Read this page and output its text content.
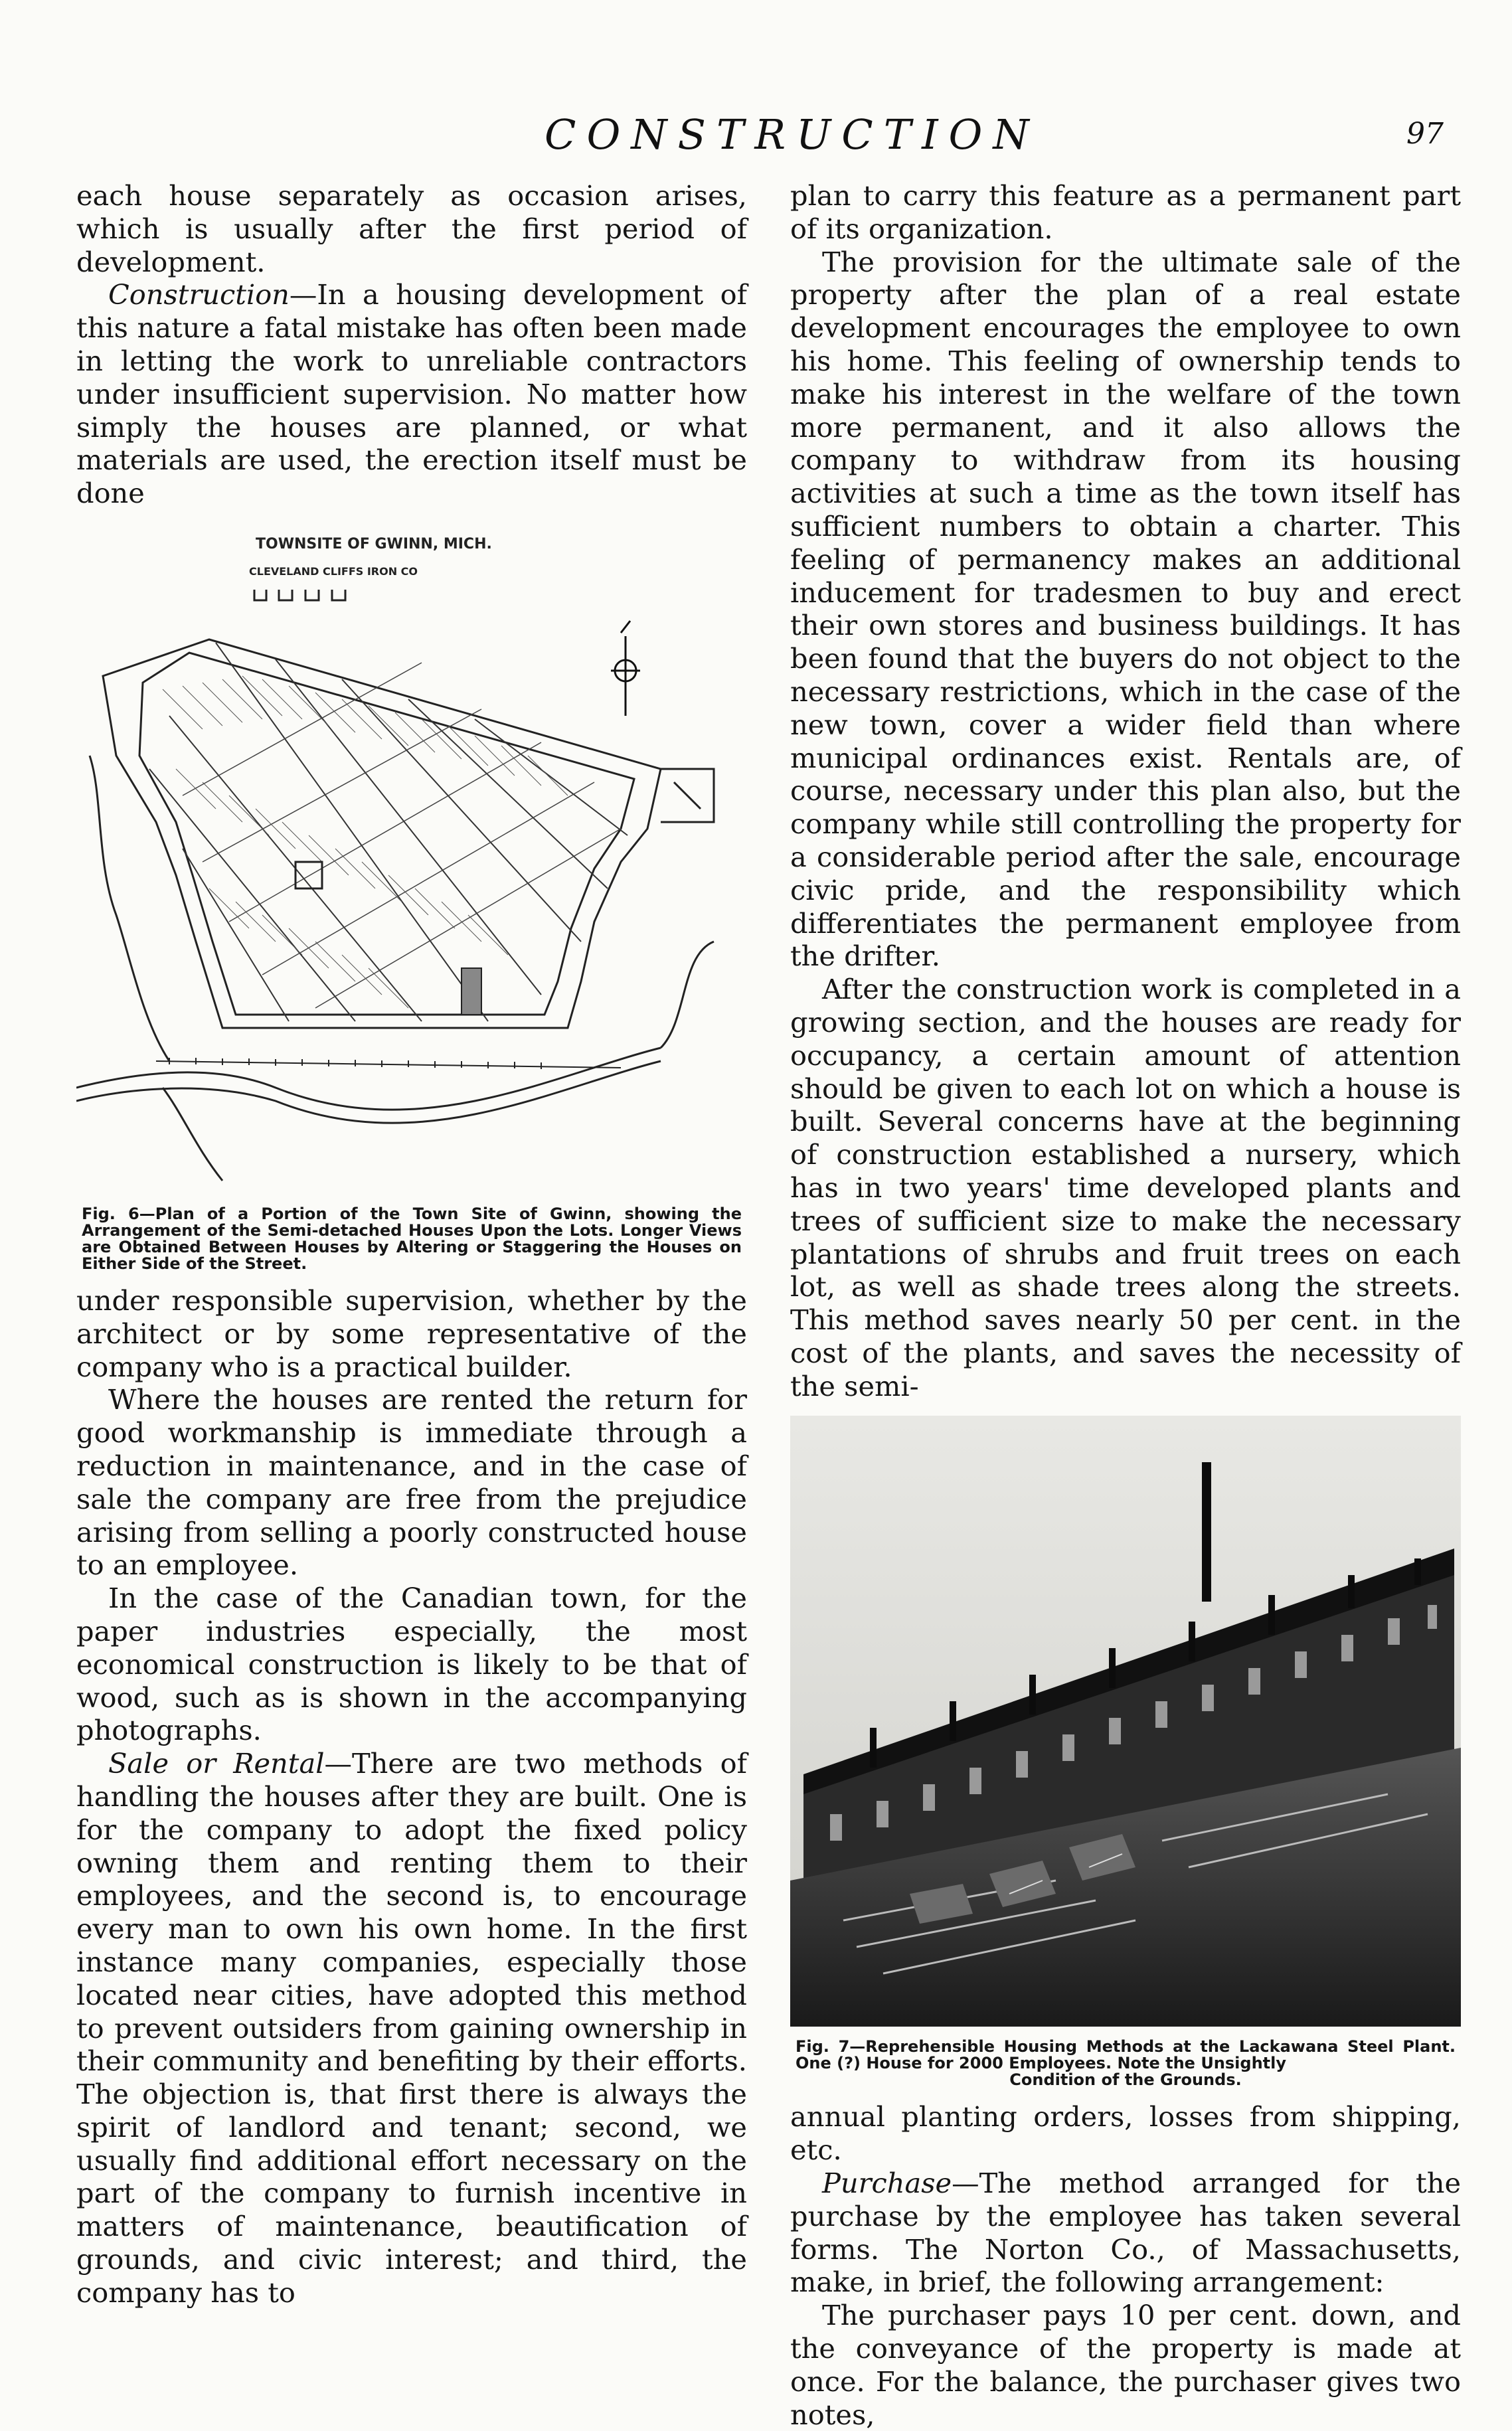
CONSTRUCTION	97

each house separately as occasion arises, which is usually after the first period of development.

Construction—In a housing development of this nature a fatal mistake has often been made in letting the work to unreliable contractors under insufficient supervision. No matter how simply the houses are planned, or what materials are used, the erection itself must be done

TOWNSITE OF GWINN, MICH.
CLEVELAND CLIFFS IRON CO
Fig. 6—Plan of a Portion of the Town Site of Gwinn, showing the Arrangement of the Semi-detached Houses Upon the Lots. Longer Views are Obtained Between Houses by Altering or Staggering the Houses on Either Side of the Street.

under responsible supervision, whether by the architect or by some representative of the company who is a practical builder.

Where the houses are rented the return for good workmanship is immediate through a reduction in maintenance, and in the case of sale the company are free from the prejudice arising from selling a poorly constructed house to an employee.

In the case of the Canadian town, for the paper industries especially, the most economical construction is likely to be that of wood, such as is shown in the accompanying photographs.

Sale or Rental—There are two methods of handling the houses after they are built. One is for the company to adopt the fixed policy owning them and renting them to their employees, and the second is, to encourage every man to own his own home. In the first instance many companies, especially those located near cities, have adopted this method to prevent outsiders from gaining ownership in their community and benefiting by their efforts. The objection is, that first there is always the spirit of landlord and tenant; second, we usually find additional effort necessary on the part of the company to furnish incentive in matters of maintenance, beautification of grounds, and civic interest; and third, the company has to

plan to carry this feature as a permanent part of its organization.

The provision for the ultimate sale of the property after the plan of a real estate development encourages the employee to own his home. This feeling of ownership tends to make his interest in the welfare of the town more permanent, and it also allows the company to withdraw from its housing activities at such a time as the town itself has sufficient numbers to obtain a charter. This feeling of permanency makes an additional inducement for tradesmen to buy and erect their own stores and business buildings. It has been found that the buyers do not object to the necessary restrictions, which in the case of the new town, cover a wider field than where municipal ordinances exist. Rentals are, of course, necessary under this plan also, but the company while still controlling the property for a considerable period after the sale, encourage civic pride, and the responsibility which differentiates the permanent employee from the drifter.

After the construction work is completed in a growing section, and the houses are ready for occupancy, a certain amount of attention should be given to each lot on which a house is built. Several concerns have at the beginning of construction established a nursery, which has in two years' time developed plants and trees of sufficient size to make the necessary plantations of shrubs and fruit trees on each lot, as well as shade trees along the streets. This method saves nearly 50 per cent. in the cost of the plants, and saves the necessity of the semi-

Fig. 7—Reprehensible Housing Methods at the Lackawana Steel Plant. One (?) House for 2000 Employees. Note the Unsightly
Condition of the Grounds.

annual planting orders, losses from shipping, etc.

Purchase—The method arranged for the purchase by the employee has taken several forms. The Norton Co., of Massachusetts, make, in brief, the following arrangement:

The purchaser pays 10 per cent. down, and the conveyance of the property is made at once. For the balance, the purchaser gives two notes,
